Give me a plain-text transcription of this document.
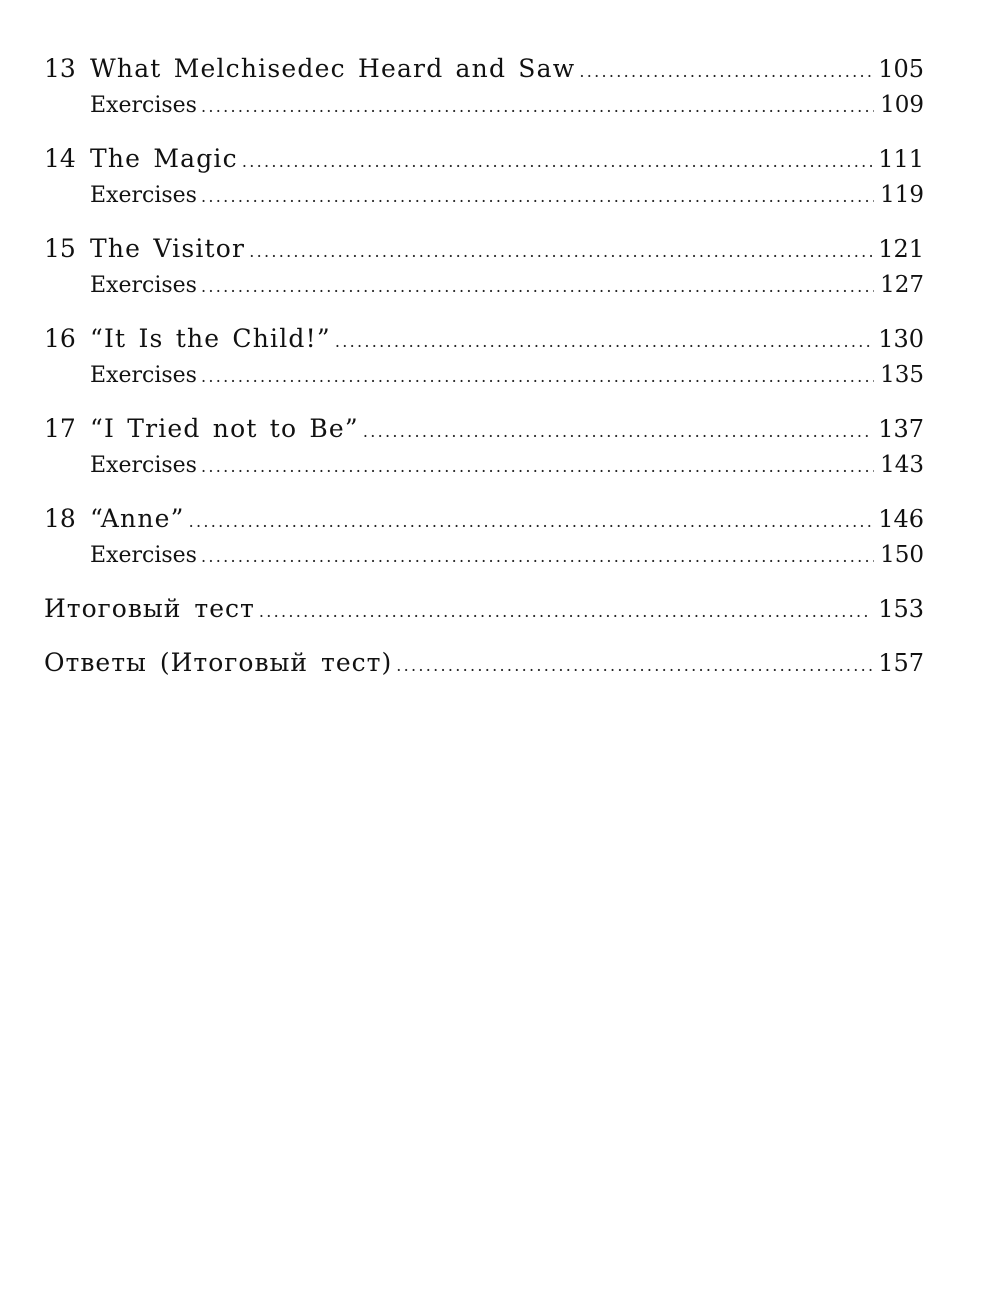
13 What Melchisedec Heard and Saw . . .	105
Exercises . . .	109
14 The Magic . . .	111
Exercises . . .	119
15 The Visitor . . .	121
Exercises . . .	127
16 “It Is the Child!” . . .	130
Exercises . . .	135
17 “I Tried not to Be” . . .	137
Exercises . . .	143
18 “Anne” . . .	146
Exercises . . .	150
Итоговый тест . . .	153
Ответы (Итоговый тест) . . .	157
